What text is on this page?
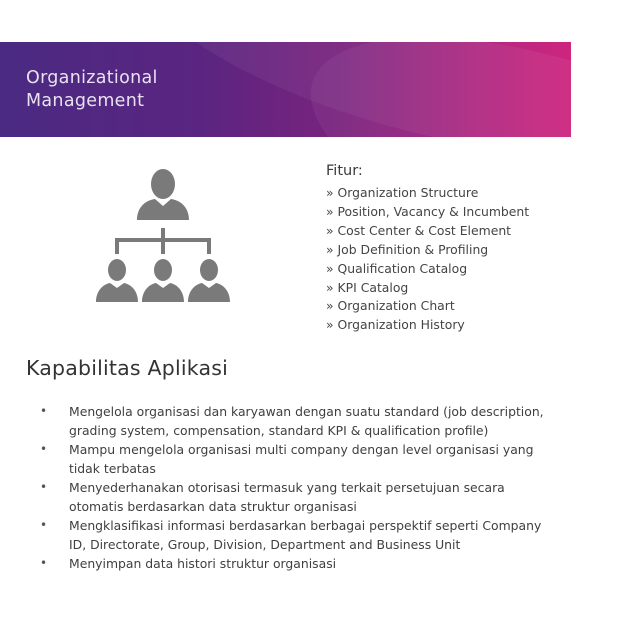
Organizational
Management
Fitur:
» Organization Structure
» Position, Vacancy & Incumbent
» Cost Center & Cost Element
» Job Definition & Profiling
» Qualification Catalog
» KPI Catalog
» Organization Chart
» Organization History
Kapabilitas Aplikasi
• Mengelola organisasi dan karyawan dengan suatu standard (job description, grading system, compensation, standard KPI & qualification profile)
• Mampu mengelola organisasi multi company dengan level organisasi yang tidak terbatas
• Menyederhanakan otorisasi termasuk yang terkait persetujuan secara otomatis berdasarkan data struktur organisasi
• Mengklasifikasi informasi berdasarkan berbagai perspektif seperti Company ID, Directorate, Group, Division, Department and Business Unit
• Menyimpan data histori struktur organisasi
